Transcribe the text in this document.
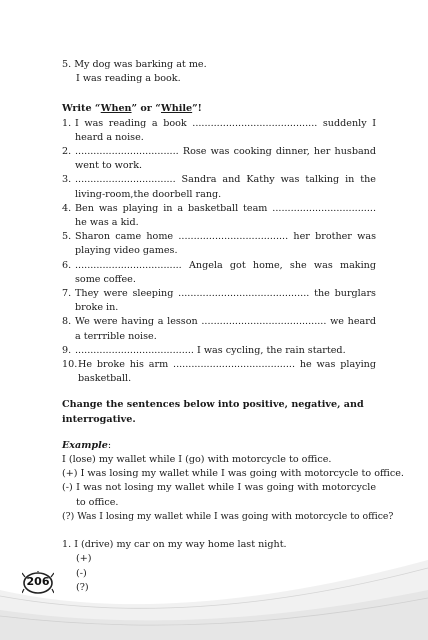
5. My dog was barking at me.
I was reading a book.
Write “When” or “While”!
1. I was reading a book ......................................... suddenly I heard a noise.
2. .................................. Rose was cooking dinner, her husband went to work.
3. ................................. Sandra and Kathy was talking in the living-room,the doorbell rang.
4. Ben was playing in a basketball team .................................. he was a kid.
5. Sharon came home .................................... her brother was playing video games.
6. ................................... Angela got home, she was making some coffee.
7. They were sleeping ........................................... the burglars broke in.
8. We were having a lesson ......................................... we heard a terrrible noise.
9. ....................................... I was cycling, the rain started.
10. He broke his arm ........................................ he was playing basketball.
Change the sentences below into positive, negative, and
interrogative.
Example:
I (lose) my wallet while I (go) with motorcycle to office.
(+) I was losing my wallet while I was going with motorcycle to office.
(-) I was not losing my wallet while I was going with motorcycle to office.
(?) Was I losing my wallet while I was going with motorcycle to office?
1. I (drive) my car on my way home last night.
(+)
(-)
(?)
206
